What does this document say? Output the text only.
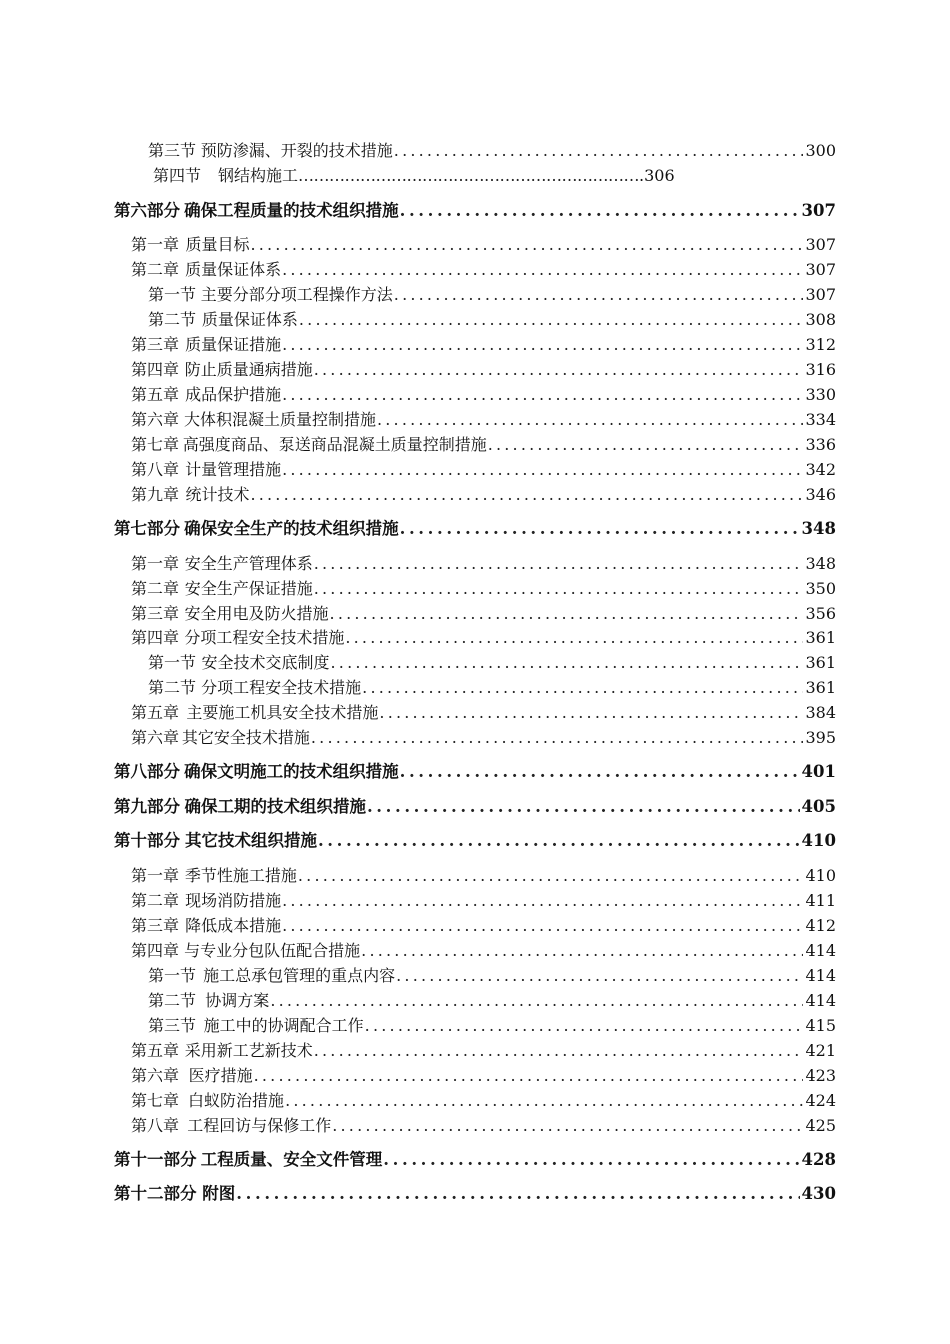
第三节 预防渗漏、开裂的技术措施 .....	300
第四节 钢结构施工 ………………………………………………………… .306
第六部分 确保工程质量的技术组织措施 .....	307
第一章 质量目标 .....	307
第二章 质量保证体系 .....	307
第一节 主要分部分项工程操作方法 .....	307
第二节 质量保证体系 .....	308
第三章 质量保证措施 .....	312
第四章 防止质量通病措施 .....	316
第五章 成品保护措施 .....	330
第六章 大体积混凝土质量控制措施 .....	334
第七章 高强度商品、泵送商品混凝土质量控制措施 .....	336
第八章 计量管理措施 .....	342
第九章 统计技术 .....	346
第七部分 确保安全生产的技术组织措施 .....	348
第一章 安全生产管理体系 .....	348
第二章 安全生产保证措施 .....	350
第三章 安全用电及防火措施 .....	356
第四章 分项工程安全技术措施 .....	361
第一节 安全技术交底制度 .....	361
第二节 分项工程安全技术措施 .....	361
第五章 主要施工机具安全技术措施 .....	384
第六章 其它安全技术措施 .....	395
第八部分 确保文明施工的技术组织措施 .....	401
第九部分 确保工期的技术组织措施 .....	405
第十部分 其它技术组织措施 .....	410
第一章 季节性施工措施 .....	410
第二章 现场消防措施 .....	411
第三章 降低成本措施 .....	412
第四章 与专业分包队伍配合措施 .....	414
第一节 施工总承包管理的重点内容 .....	414
第二节 协调方案 .....	414
第三节 施工中的协调配合工作 .....	415
第五章 采用新工艺新技术 .....	421
第六章 医疗措施 .....	423
第七章 白蚁防治措施 .....	424
第八章 工程回访与保修工作 .....	425
第十一部分 工程质量、安全文件管理 .....	428
第十二部分 附图 .....	430
